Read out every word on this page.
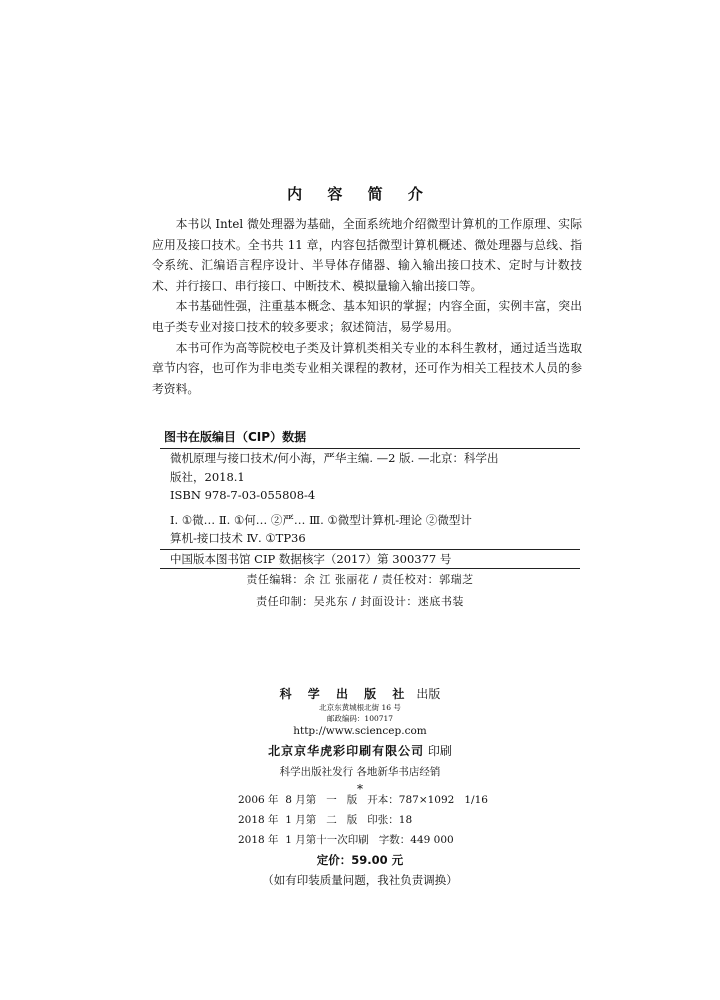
内 容 简 介

本书以 Intel 微处理器为基础，全面系统地介绍微型计算机的工作原理、实际应用及接口技术。全书共 11 章，内容包括微型计算机概述、微处理器与总线、指令系统、汇编语言程序设计、半导体存储器、输入输出接口技术、定时与计数技术、并行接口、串行接口、中断技术、模拟量输入输出接口等。

本书基础性强，注重基本概念、基本知识的掌握；内容全面，实例丰富，突出电子类专业对接口技术的较多要求；叙述简洁，易学易用。

本书可作为高等院校电子类及计算机类相关专业的本科生教材，通过适当选取章节内容，也可作为非电类专业相关课程的教材，还可作为相关工程技术人员的参考资料。

图书在版编目（CIP）数据

微机原理与接口技术/何小海，严华主编. —2 版. —北京：科学出

版社，2018.1

ISBN 978-7-03-055808-4

Ⅰ. ①微… Ⅱ. ①何… ②严… Ⅲ. ①微型计算机-理论 ②微型计

算机-接口技术 Ⅳ. ①TP36

中国版本图书馆 CIP 数据核字（2017）第 300377 号
责任编辑：余 江 张丽花 / 责任校对：郭瑞芝
责任印制：吴兆东 / 封面设计：迷底书装
科 学 出 版 社 出版
北京东黄城根北街 16 号
邮政编码：100717
http://www.sciencep.com
北京京华虎彩印刷有限公司 印刷
科学出版社发行 各地新华书店经销
*
2006 年  8 月第   一   版   开本：787×1092   1/16
2018 年  1 月第   二   版   印张：18
2018 年  1 月第十一次印刷   字数：449 000
定价：59.00 元
（如有印装质量问题，我社负责调换）
